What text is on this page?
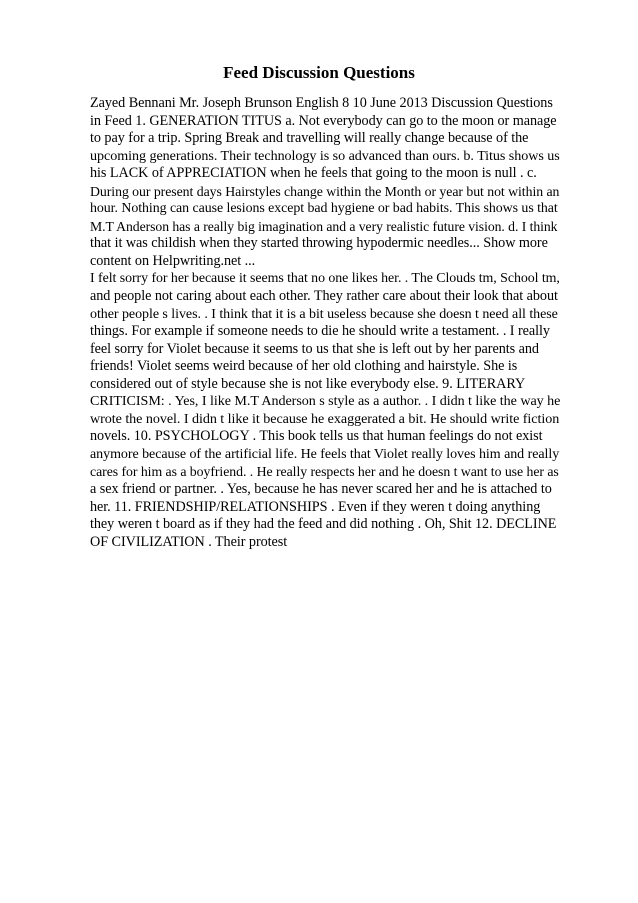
Feed Discussion Questions
Zayed Bennani Mr. Joseph Brunson English 8 10 June 2013 Discussion Questions
in Feed 1. GENERATION TITUS a. Not everybody can go to the moon or manage
to pay for a trip. Spring Break and travelling will really change because of the
upcoming generations. Their technology is so advanced than ours. b. Titus shows us
his LACK of APPRECIATION when he feels that going to the moon is null . c.
During our present days Hairstyles change within the Month or year but not within an
hour. Nothing can cause lesions except bad hygiene or bad habits. This shows us that
M.T Anderson has a really big imagination and a very realistic future vision. d. I think
that it was childish when they started throwing hypodermic needles... Show more
content on Helpwriting.net ...
I felt sorry for her because it seems that no one likes her. . The Clouds tm, School tm,
and people not caring about each other. They rather care about their look that about
other people s lives. . I think that it is a bit useless because she doesn t need all these
things. For example if someone needs to die he should write a testament. . I really
feel sorry for Violet because it seems to us that she is left out by her parents and
friends! Violet seems weird because of her old clothing and hairstyle. She is
considered out of style because she is not like everybody else. 9. LITERARY
CRITICISM: . Yes, I like M.T Anderson s style as a author. . I didn t like the way he
wrote the novel. I didn t like it because he exaggerated a bit. He should write fiction
novels. 10. PSYCHOLOGY . This book tells us that human feelings do not exist
anymore because of the artificial life. He feels that Violet really loves him and really
cares for him as a boyfriend. . He really respects her and he doesn t want to use her as
a sex friend or partner. . Yes, because he has never scared her and he is attached to
her. 11. FRIENDSHIP/RELATIONSHIPS . Even if they weren t doing anything
they weren t board as if they had the feed and did nothing . Oh, Shit 12. DECLINE
OF CIVILIZATION . Their protest
